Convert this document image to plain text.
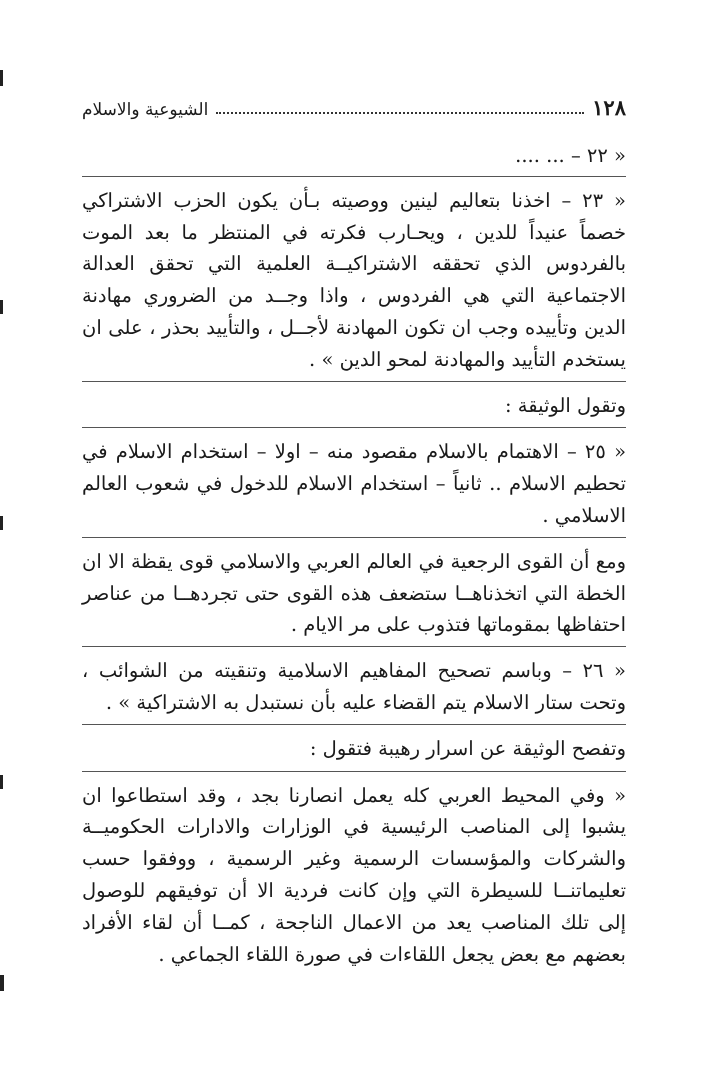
١٢٨
الشيوعية والاسلام

« ٢٢ – ... ....

« ٢٣ – اخذنا بتعاليم لينين ووصيته بـأن يكون الحزب الاشتراكي خصماً عنيداً للدين ، ويحـارب فكرته في المنتظر ما بعد الموت بالفردوس الذي تحققه الاشتراكيــة العلمية التي تحقق العدالة الاجتماعية التي هي الفردوس ، واذا وجــد من الضروري مهادنة الدين وتأييده وجب ان تكون المهادنة لأجــل ، والتأييد بحذر ، على ان يستخدم التأييد والمهادنة لمحو الدين » .

وتقول الوثيقة :

« ٢٥ – الاهتمام بالاسلام مقصود منه – اولا – استخدام الاسلام في تحطيم الاسلام .. ثانياً – استخدام الاسلام للدخول في شعوب العالم الاسلامي .

ومع أن القوى الرجعية في العالم العربي والاسلامي قوى يقظة الا ان الخطة التي اتخذناهــا ستضعف هذه القوى حتى تجردهــا من عناصر احتفاظها بمقوماتها فتذوب على مر الايام .

« ٢٦ – وباسم تصحيح المفاهيم الاسلامية وتنقيته من الشوائب ، وتحت ستار الاسلام يتم القضاء عليه بأن نستبدل به الاشتراكية » .

وتفصح الوثيقة عن اسرار رهيبة فتقول :

« وفي المحيط العربي كله يعمل انصارنا بجد ، وقد استطاعوا ان يشبوا إلى المناصب الرئيسية في الوزارات والادارات الحكوميــة والشركات والمؤسسات الرسمية وغير الرسمية ، ووفقوا حسب تعليماتنــا للسيطرة التي وإن كانت فردية الا أن توفيقهم للوصول إلى تلك المناصب يعد من الاعمال الناجحة ، كمــا أن لقاء الأفراد بعضهم مع بعض يجعل اللقاءات في صورة اللقاء الجماعي .
